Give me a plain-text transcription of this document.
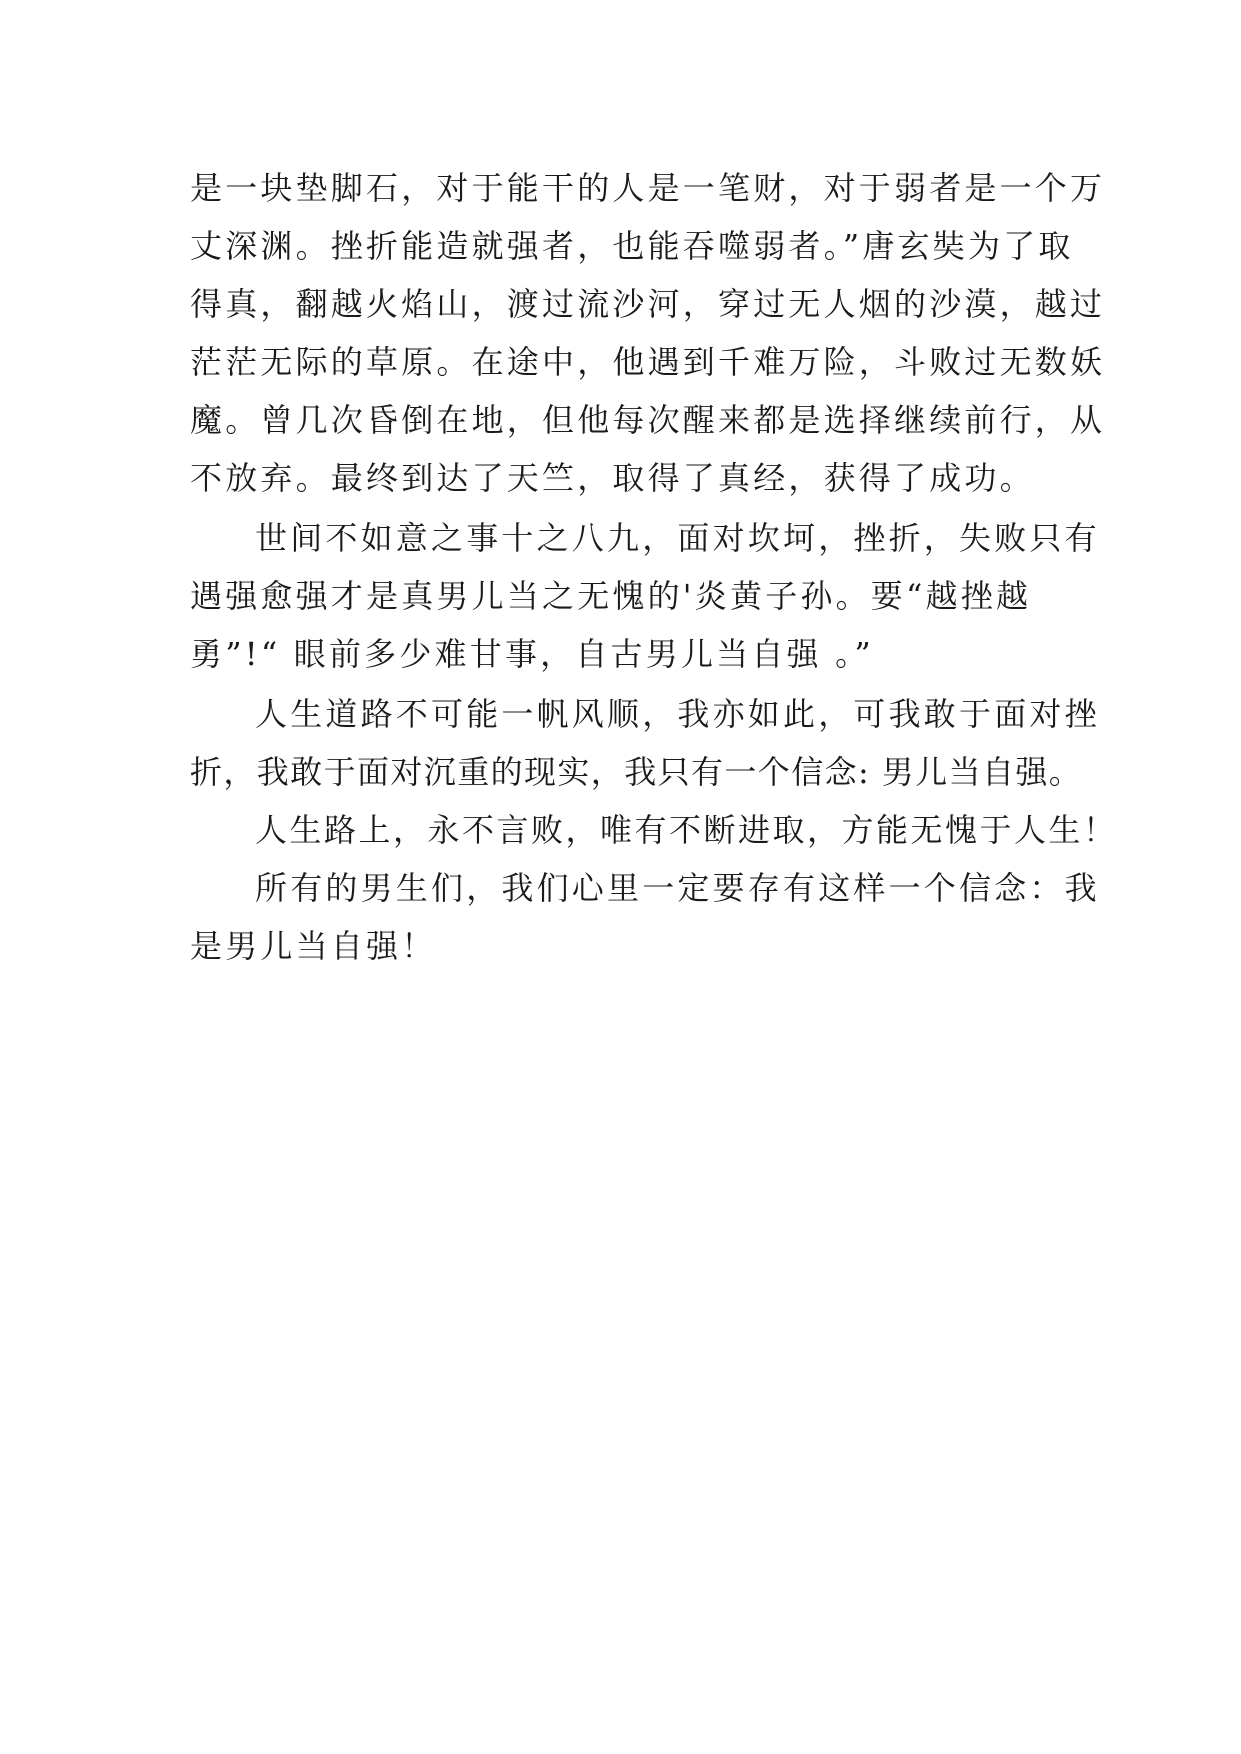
是一块垫脚石，对于能干的人是一笔财，对于弱者是一个万
丈深渊。挫折能造就强者，也能吞噬弱者。”唐玄奘为了取
得真，翻越火焰山，渡过流沙河，穿过无人烟的沙漠，越过
茫茫无际的草原。在途中，他遇到千难万险，斗败过无数妖
魔。曾几次昏倒在地，但他每次醒来都是选择继续前行，从
不放弃。最终到达了天竺，取得了真经，获得了成功。
世间不如意之事十之八九，面对坎坷，挫折，失败只有
遇强愈强才是真男儿当之无愧的'炎黄子孙。要“越挫越
勇”!“ 眼前多少难甘事，自古男儿当自强 。”
人生道路不可能一帆风顺，我亦如此，可我敢于面对挫
折，我敢于面对沉重的现实，我只有一个信念: 男儿当自强。
人生路上，永不言败，唯有不断进取，方能无愧于人生！
所有的男生们，我们心里一定要存有这样一个信念：我
是男儿当自强！
